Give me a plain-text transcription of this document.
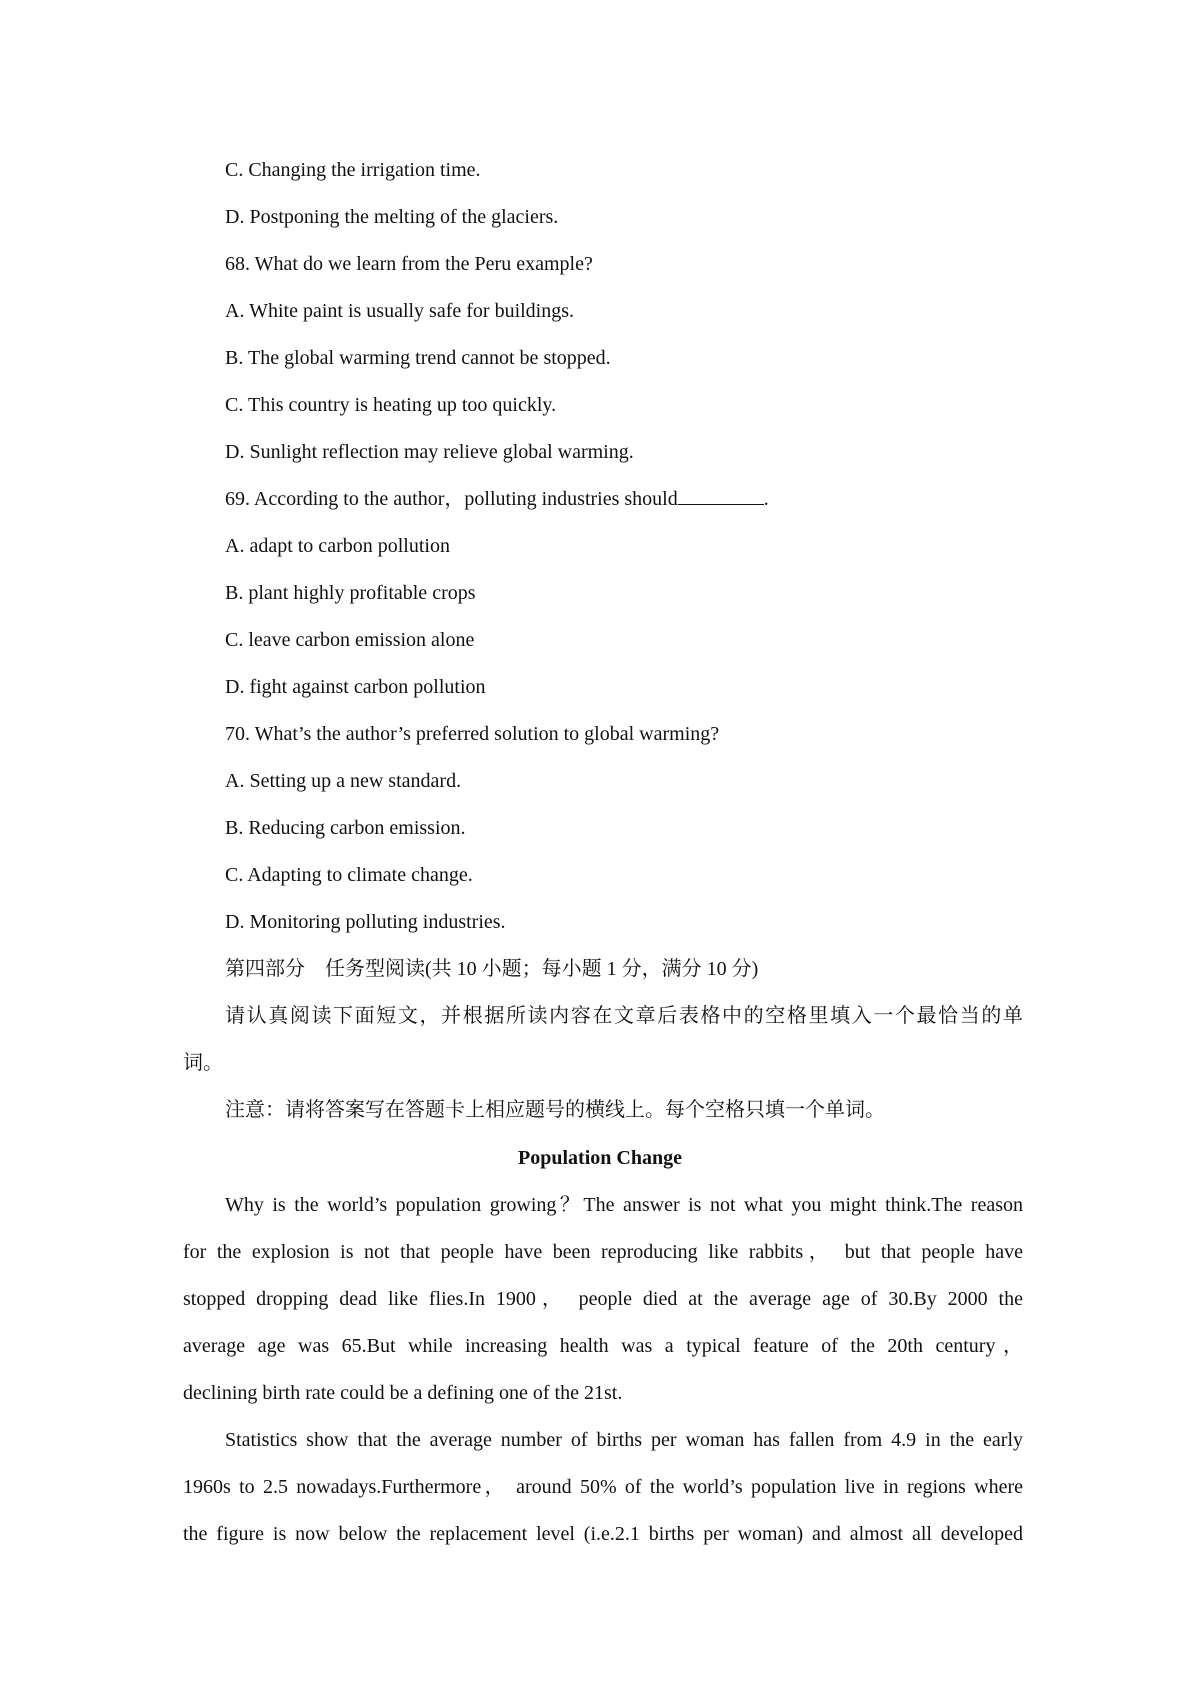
C. Changing the irrigation time.
D. Postponing the melting of the glaciers.
68. What do we learn from the Peru example?
A. White paint is usually safe for buildings.
B. The global warming trend cannot be stopped.
C. This country is heating up too quickly.
D. Sunlight reflection may relieve global warming.
69. According to the author，polluting industries should	.
A. adapt to carbon pollution
B. plant highly profitable crops
C. leave carbon emission alone
D. fight against carbon pollution
70. What’s the author’s preferred solution to global warming?
A. Setting up a new standard.
B. Reducing carbon emission.
C. Adapting to climate change.
D. Monitoring polluting industries.
第四部分　任务型阅读(共 10 小题；每小题 1 分，满分 10 分)
请认真阅读下面短文，并根据所读内容在文章后表格中的空格里填入一个最恰当的单
词。
注意：请将答案写在答题卡上相应题号的横线上。每个空格只填一个单词。
Population Change
Why is the world’s population growing？The answer is not what you might think.The reason
for the explosion is not that people have been reproducing like rabbits， but that people have
stopped dropping dead like flies.In 1900， people died at the average age of 30.By 2000 the
average age was 65.But while increasing health was a typical feature of the 20th century，
declining birth rate could be a defining one of the 21st.
Statistics show that the average number of births per woman has fallen from 4.9 in the early
1960s to 2.5 nowadays.Furthermore， around 50% of the world’s population live in regions where
the figure is now below the replacement level (i.e.2.1 births per woman) and almost all developed
